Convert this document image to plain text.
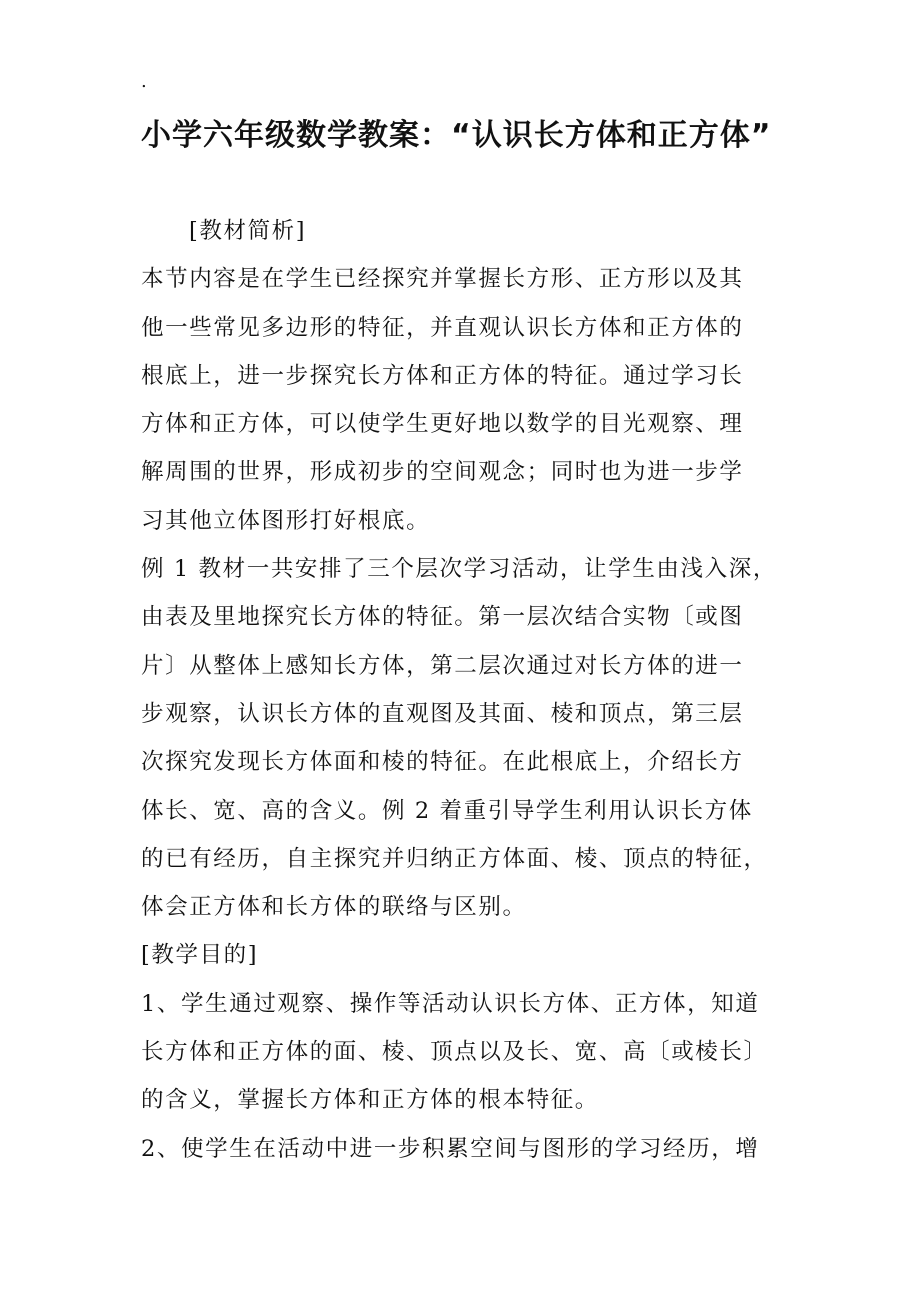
.
小学六年级数学教案：“认识长方体和正方体”
[教材简析]
本节内容是在学生已经探究并掌握长方形、正方形以及其
他一些常见多边形的特征，并直观认识长方体和正方体的
根底上，进一步探究长方体和正方体的特征。通过学习长
方体和正方体，可以使学生更好地以数学的目光观察、理
解周围的世界，形成初步的空间观念；同时也为进一步学
习其他立体图形打好根底。
例 1 教材一共安排了三个层次学习活动，让学生由浅入深，
由表及里地探究长方体的特征。第一层次结合实物〔或图
片〕从整体上感知长方体，第二层次通过对长方体的进一
步观察，认识长方体的直观图及其面、棱和顶点，第三层
次探究发现长方体面和棱的特征。在此根底上，介绍长方
体长、宽、高的含义。例 2 着重引导学生利用认识长方体
的已有经历，自主探究并归纳正方体面、棱、顶点的特征，
体会正方体和长方体的联络与区别。
[教学目的]
1、学生通过观察、操作等活动认识长方体、正方体，知道
长方体和正方体的面、棱、顶点以及长、宽、高〔或棱长〕
的含义，掌握长方体和正方体的根本特征。
2、使学生在活动中进一步积累空间与图形的学习经历，增
